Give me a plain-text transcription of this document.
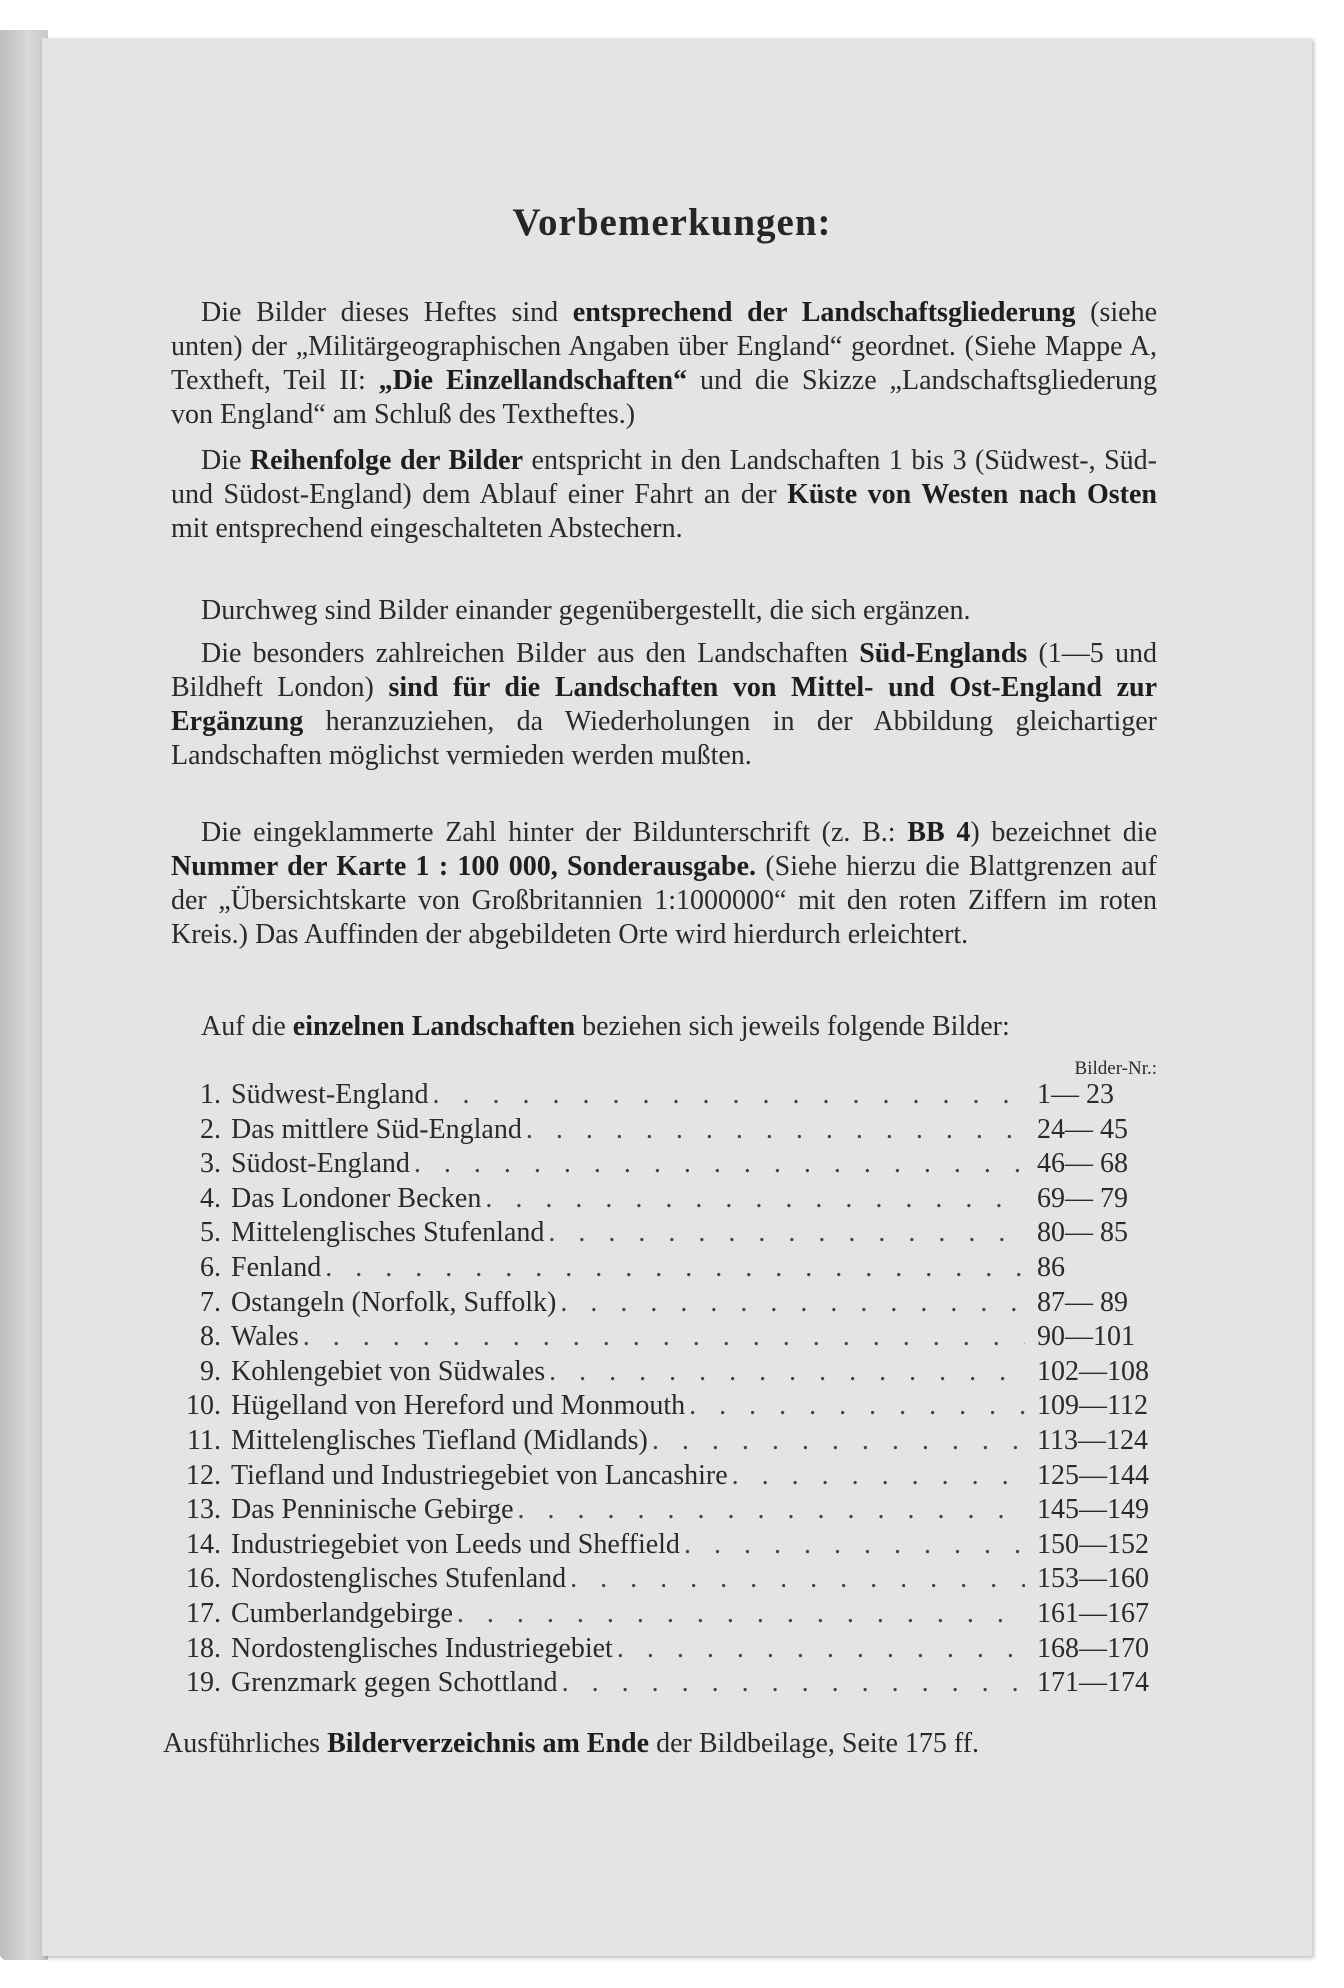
Vorbemerkungen:

Die Bilder dieses Heftes sind entsprechend der Landschaftsgliederung (siehe unten) der „Militärgeographischen Angaben über England“ geordnet. (Siehe Mappe A, Textheft, Teil II: „Die Einzellandschaften“ und die Skizze „Landschaftsgliederung von England“ am Schluß des Textheftes.)

Die Reihenfolge der Bilder entspricht in den Landschaften 1 bis 3 (Südwest-, Süd- und Südost-England) dem Ablauf einer Fahrt an der Küste von Westen nach Osten mit entsprechend eingeschalteten Abstechern.

Durchweg sind Bilder einander gegenübergestellt, die sich ergänzen.

Die besonders zahlreichen Bilder aus den Landschaften Süd-Englands (1—5 und Bildheft London) sind für die Landschaften von Mittel- und Ost-England zur Ergänzung heranzuziehen, da Wiederholungen in der Abbildung gleichartiger Landschaften möglichst vermieden werden mußten.

Die eingeklammerte Zahl hinter der Bildunterschrift (z. B.: BB 4) bezeichnet die Nummer der Karte 1 : 100 000, Sonderausgabe. (Siehe hierzu die Blattgrenzen auf der „Übersichtskarte von Großbritannien 1:1000000“ mit den roten Ziffern im roten Kreis.) Das Auffinden der abgebildeten Orte wird hierdurch erleichtert.

Auf die einzelnen Landschaften beziehen sich jeweils folgende Bilder:

Bilder-Nr.:
1. Südwest-England . . .	1— 23
2. Das mittlere Süd-England . . .	24— 45
3. Südost-England . . .	46— 68
4. Das Londoner Becken . . .	69— 79
5. Mittelenglisches Stufenland . . .	80— 85
6. Fenland . . .	86
7. Ostangeln (Norfolk, Suffolk) . . .	87— 89
8. Wales . . .	90—101
9. Kohlengebiet von Südwales . . .	102—108
10. Hügelland von Hereford und Monmouth . . .	109—112
11. Mittelenglisches Tiefland (Midlands) . . .	113—124
12. Tiefland und Industriegebiet von Lancashire . . .	125—144
13. Das Penninische Gebirge . . .	145—149
14. Industriegebiet von Leeds und Sheffield . . .	150—152
16. Nordostenglisches Stufenland . . .	153—160
17. Cumberlandgebirge . . .	161—167
18. Nordostenglisches Industriegebiet . . .	168—170
19. Grenzmark gegen Schottland . . .	171—174
Ausführliches Bilderverzeichnis am Ende der Bildbeilage, Seite 175 ff.
